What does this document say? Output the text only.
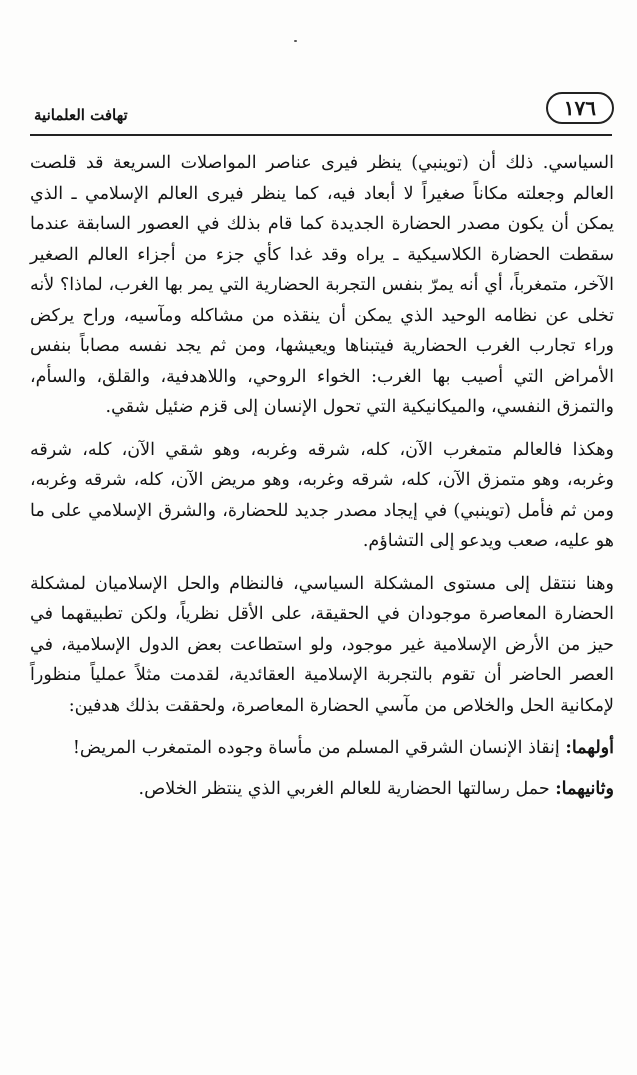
١٧٦
تهافت العلمانية

السياسي. ذلك أن (توينبي) ينظر فيرى عناصر المواصلات السريعة قد قلصت العالم وجعلته مكاناً صغيراً لا أبعاد فيه، كما ينظر فيرى العالم الإسلامي ـ الذي يمكن أن يكون مصدر الحضارة الجديدة كما قام بذلك في العصور السابقة عندما سقطت الحضارة الكلاسيكية ـ يراه وقد غدا كأي جزء من أجزاء العالم الصغير الآخر، متمغرباً، أي أنه يمرّ بنفس التجربة الحضارية التي يمر بها الغرب، لماذا؟ لأنه تخلى عن نظامه الوحيد الذي يمكن أن ينقذه من مشاكله ومآسيه، وراح يركض وراء تجارب الغرب الحضارية فيتبناها ويعيشها، ومن ثم يجد نفسه مصاباً بنفس الأمراض التي أصيب بها الغرب: الخواء الروحي، واللاهدفية، والقلق، والسأم، والتمزق النفسي، والميكانيكية التي تحول الإنسان إلى قزم ضئيل شقي.

وهكذا فالعالم متمغرب الآن، كله، شرقه وغربه، وهو شقي الآن، كله، شرقه وغربه، وهو متمزق الآن، كله، شرقه وغربه، وهو مريض الآن، كله، شرقه وغربه، ومن ثم فأمل (توينبي) في إيجاد مصدر جديد للحضارة، والشرق الإسلامي على ما هو عليه، صعب ويدعو إلى التشاؤم.

وهنا ننتقل إلى مستوى المشكلة السياسي، فالنظام والحل الإسلاميان لمشكلة الحضارة المعاصرة موجودان في الحقيقة، على الأقل نظرياً، ولكن تطبيقهما في حيز من الأرض الإسلامية غير موجود، ولو استطاعت بعض الدول الإسلامية، في العصر الحاضر أن تقوم بالتجربة الإسلامية العقائدية، لقدمت مثلاً عملياً منظوراً لإمكانية الحل والخلاص من مآسي الحضارة المعاصرة، ولحققت بذلك هدفين:

أولهما: إنقاذ الإنسان الشرقي المسلم من مأساة وجوده المتمغرب المريض!

وثانيهما: حمل رسالتها الحضارية للعالم الغربي الذي ينتظر الخلاص.
